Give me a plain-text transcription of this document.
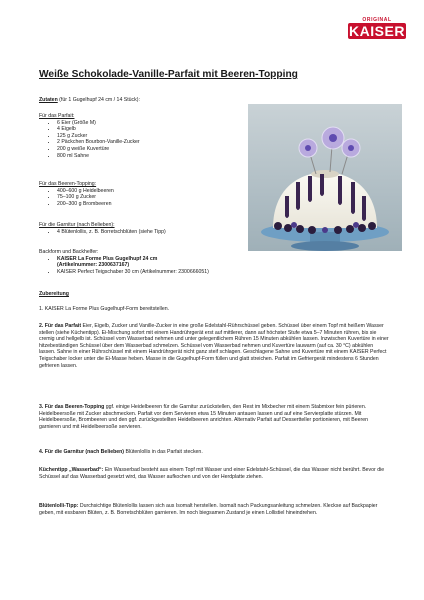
ORIGINAL
KAISER
Weiße Schokolade-Vanille-Parfait mit Beeren-Topping
Zutaten (für 1 Gugelhupf 24 cm / 14 Stück):
Für das Parfait:
• 6 Eier (Größe M)
• 4 Eigelb
• 125 g Zucker
• 2 Päckchen Bourbon-Vanille-Zucker
• 200 g weiße Kuvertüre
• 800 ml Sahne
Für das Beeren-Topping:
• 400–600 g Heidelbeeren
• 75–100 g Zucker
• 200–300 g Brombeeren
Für die Garnitur (nach Belieben):
• 4 Blütenlollis, z. B. Borretschblüten (siehe Tipp)
Backform und Backhelfer:
• KAISER La Forme Plus Gugelhupf 24 cm
(Artikelnummer: 2300637167)
• KAISER Perfect Teigschaber 30 cm (Artikelnummer: 2300666051)
Zubereitung
1. KAISER La Forme Plus Gugelhupf-Form bereitstellen.
2. Für das Parfait Eier, Eigelb, Zucker und Vanille-Zucker in eine große Edelstahl-Rührschüssel geben. Schüssel über einem Topf mit heißem Wasser stellen (siehe Küchentipp). Ei-Mischung sofort mit einem Handrührgerät erst auf mittlerer, dann auf höchster Stufe etwa 5–7 Minuten rühren, bis sie cremig und hellgelb ist. Schüssel vom Wasserbad nehmen und unter gelegentlichem Rühren 15 Minuten abkühlen lassen. Inzwischen Kuvertüre in einer hitzebeständigen Schüssel über dem Wasserbad schmelzen. Schüssel vom Wasserbad nehmen und Kuvertüre lauwarm (auf ca. 30 °C) abkühlen lassen. Sahne in einer Rührschüssel mit einem Handrührgerät nicht ganz steif schlagen. Geschlagene Sahne und Kuvertüre mit einem KAISER Perfect Teigschaber locker unter die Ei-Masse heben. Masse in die Gugelhupf-Form füllen und glatt streichen. Parfait im Gefriergerät mindestens 6 Stunden gefrieren lassen.
3. Für das Beeren-Topping ggf. einige Heidelbeeren für die Garnitur zurückstellen, den Rest im Mixbecher mit einem Stabmixer fein pürieren. Heidelbeersoße mit Zucker abschmecken. Parfait vor dem Servieren etwa 15 Minuten antauen lassen und auf eine Servierplatte stürzen. Mit Heidelbeersoße, Brombeeren und den ggf. zurückgestellten Heidelbeeren anrichten. Alternativ Parfait auf Dessertteller portionieren, mit Beeren garnieren und mit Heidelbeersoße servieren.
4. Für die Garnitur (nach Belieben) Blütenlollis in das Parfait stecken.
Küchentipp „Wasserbad“: Ein Wasserbad besteht aus einem Topf mit Wasser und einer Edelstahl-Schüssel, die das Wasser nicht berührt. Bevor die Schüssel auf das Wasserbad gesetzt wird, das Wasser aufkochen und von der Herdplatte ziehen.
Blütenlolli-Tipp: Durchsichtige Blütenlollis lassen sich aus Isomalt herstellen. Isomalt nach Packungsanleitung schmelzen. Kleckse auf Backpapier geben, mit essbaren Blüten, z. B. Borretschblüten garnieren. Im noch biegsamen Zustand je einen Lollistiel hineindrehen.
